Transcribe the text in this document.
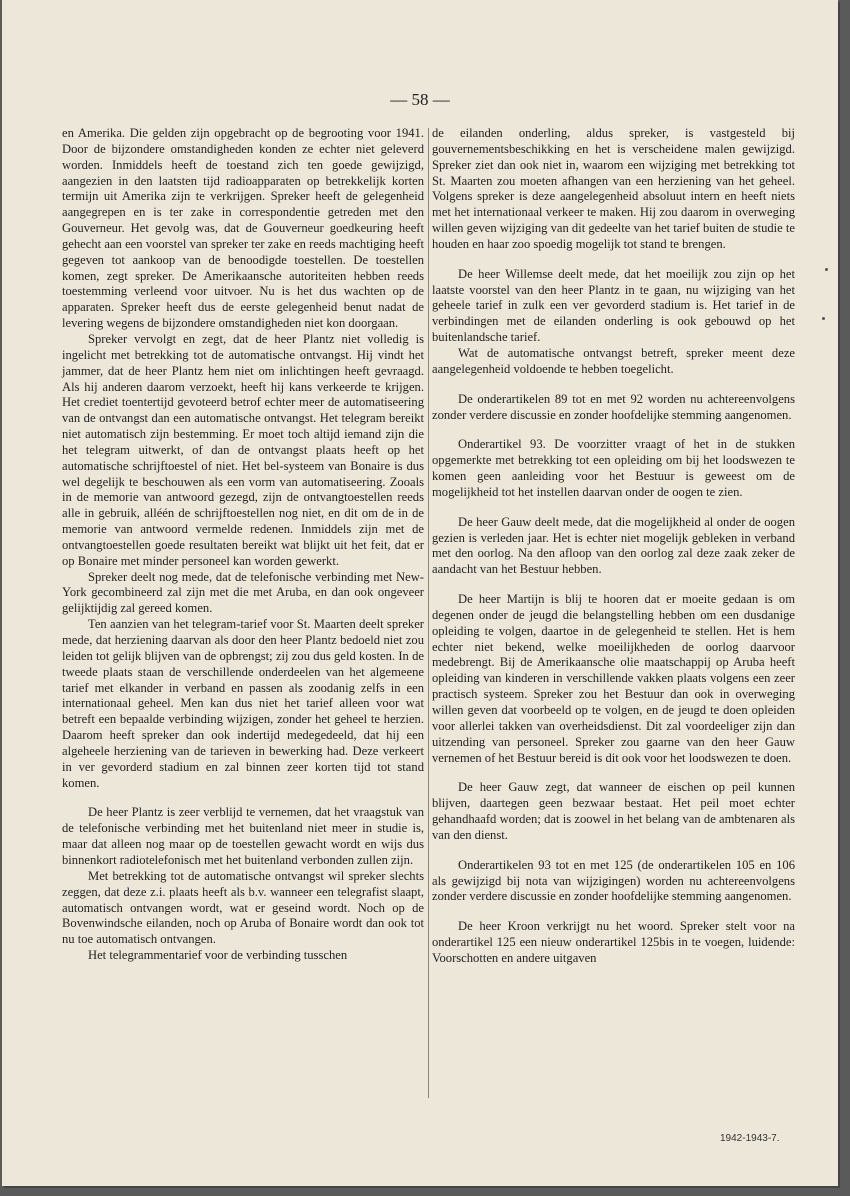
— 58 —

en Amerika. Die gelden zijn opgebracht op de begrooting voor 1941. Door de bijzondere omstandigheden konden ze echter niet geleverd worden. Inmiddels heeft de toestand zich ten goede gewijzigd, aangezien in den laatsten tijd radioapparaten op betrekkelijk korten termijn uit Amerika zijn te verkrijgen. Spreker heeft de gelegenheid aangegrepen en is ter zake in correspondentie getreden met den Gouverneur. Het gevolg was, dat de Gouverneur goedkeuring heeft gehecht aan een voorstel van spreker ter zake en reeds machtiging heeft gegeven tot aankoop van de benoodigde toestellen. De toestellen komen, zegt spreker. De Amerikaansche autoriteiten hebben reeds toestemming verleend voor uitvoer. Nu is het dus wachten op de apparaten. Spreker heeft dus de eerste gelegenheid benut nadat de levering wegens de bijzondere omstandigheden niet kon doorgaan.

Spreker vervolgt en zegt, dat de heer Plantz niet volledig is ingelicht met betrekking tot de automatische ontvangst. Hij vindt het jammer, dat de heer Plantz hem niet om inlichtingen heeft gevraagd. Als hij anderen daarom verzoekt, heeft hij kans verkeerde te krijgen. Het crediet toentertijd gevoteerd betrof echter meer de automatiseering van de ontvangst dan een automatische ontvangst. Het telegram bereikt niet automatisch zijn bestemming. Er moet toch altijd iemand zijn die het telegram uitwerkt, of dan de ontvangst plaats heeft op het automatische schrijftoestel of niet. Het bel-systeem van Bonaire is dus wel degelijk te beschouwen als een vorm van automatiseering. Zooals in de memorie van antwoord gezegd, zijn de ontvangtoestellen reeds alle in gebruik, alléén de schrijftoestellen nog niet, en dit om de in de memorie van antwoord vermelde redenen. Inmiddels zijn met de ontvangtoestellen goede resultaten bereikt wat blijkt uit het feit, dat er op Bonaire met minder personeel kan worden gewerkt.

Spreker deelt nog mede, dat de telefonische verbinding met New-York gecombineerd zal zijn met die met Aruba, en dan ook ongeveer gelijktijdig zal gereed komen.

Ten aanzien van het telegram-tarief voor St. Maarten deelt spreker mede, dat herziening daarvan als door den heer Plantz bedoeld niet zou leiden tot gelijk blijven van de opbrengst; zij zou dus geld kosten. In de tweede plaats staan de verschillende onderdeelen van het algemeene tarief met elkander in verband en passen als zoodanig zelfs in een internationaal geheel. Men kan dus niet het tarief alleen voor wat betreft een bepaalde verbinding wijzigen, zonder het geheel te herzien. Daarom heeft spreker dan ook indertijd medegedeeld, dat hij een algeheele herziening van de tarieven in bewerking had. Deze verkeert in ver gevorderd stadium en zal binnen zeer korten tijd tot stand komen.

De heer Plantz is zeer verblijd te vernemen, dat het vraagstuk van de telefonische verbinding met het buitenland niet meer in studie is, maar dat alleen nog maar op de toestellen gewacht wordt en wijs dus binnenkort radiotelefonisch met het buitenland verbonden zullen zijn.

Met betrekking tot de automatische ontvangst wil spreker slechts zeggen, dat deze z.i. plaats heeft als b.v. wanneer een telegrafist slaapt, automatisch ontvangen wordt, wat er geseind wordt. Noch op de Bovenwindsche eilanden, noch op Aruba of Bonaire wordt dan ook tot nu toe automatisch ontvangen.

Het telegrammentarief voor de verbinding tusschen

de eilanden onderling, aldus spreker, is vastgesteld bij gouvernementsbeschikking en het is verscheidene malen gewijzigd. Spreker ziet dan ook niet in, waarom een wijziging met betrekking tot St. Maarten zou moeten afhangen van een herziening van het geheel. Volgens spreker is deze aangelegenheid absoluut intern en heeft niets met het internationaal verkeer te maken. Hij zou daarom in overweging willen geven wijziging van dit gedeelte van het tarief buiten de studie te houden en haar zoo spoedig mogelijk tot stand te brengen.

De heer Willemse deelt mede, dat het moeilijk zou zijn op het laatste voorstel van den heer Plantz in te gaan, nu wijziging van het geheele tarief in zulk een ver gevorderd stadium is. Het tarief in de verbindingen met de eilanden onderling is ook gebouwd op het buitenlandsche tarief.

Wat de automatische ontvangst betreft, spreker meent deze aangelegenheid voldoende te hebben toegelicht.

De onderartikelen 89 tot en met 92 worden nu achtereenvolgens zonder verdere discussie en zonder hoofdelijke stemming aangenomen.

Onderartikel 93. De voorzitter vraagt of het in de stukken opgemerkte met betrekking tot een opleiding om bij het loodswezen te komen geen aanleiding voor het Bestuur is geweest om de mogelijkheid tot het instellen daarvan onder de oogen te zien.

De heer Gauw deelt mede, dat die mogelijkheid al onder de oogen gezien is verleden jaar. Het is echter niet mogelijk gebleken in verband met den oorlog. Na den afloop van den oorlog zal deze zaak zeker de aandacht van het Bestuur hebben.

De heer Martijn is blij te hooren dat er moeite gedaan is om degenen onder de jeugd die belangstelling hebben om een dusdanige opleiding te volgen, daartoe in de gelegenheid te stellen. Het is hem echter niet bekend, welke moeilijkheden de oorlog daarvoor medebrengt. Bij de Amerikaansche olie maatschappij op Aruba heeft opleiding van kinderen in verschillende vakken plaats volgens een zeer practisch systeem. Spreker zou het Bestuur dan ook in overweging willen geven dat voorbeeld op te volgen, en de jeugd te doen opleiden voor allerlei takken van overheidsdienst. Dit zal voordeeliger zijn dan uitzending van personeel. Spreker zou gaarne van den heer Gauw vernemen of het Bestuur bereid is dit ook voor het loodswezen te doen.

De heer Gauw zegt, dat wanneer de eischen op peil kunnen blijven, daartegen geen bezwaar bestaat. Het peil moet echter gehandhaafd worden; dat is zoowel in het belang van de ambtenaren als van den dienst.

Onderartikelen 93 tot en met 125 (de onderartikelen 105 en 106 als gewijzigd bij nota van wijzigingen) worden nu achtereenvolgens zonder verdere discussie en zonder hoofdelijke stemming aangenomen.

De heer Kroon verkrijgt nu het woord. Spreker stelt voor na onderartikel 125 een nieuw onderartikel 125bis in te voegen, luidende: Voorschotten en andere uitgaven

1942-1943-7.
